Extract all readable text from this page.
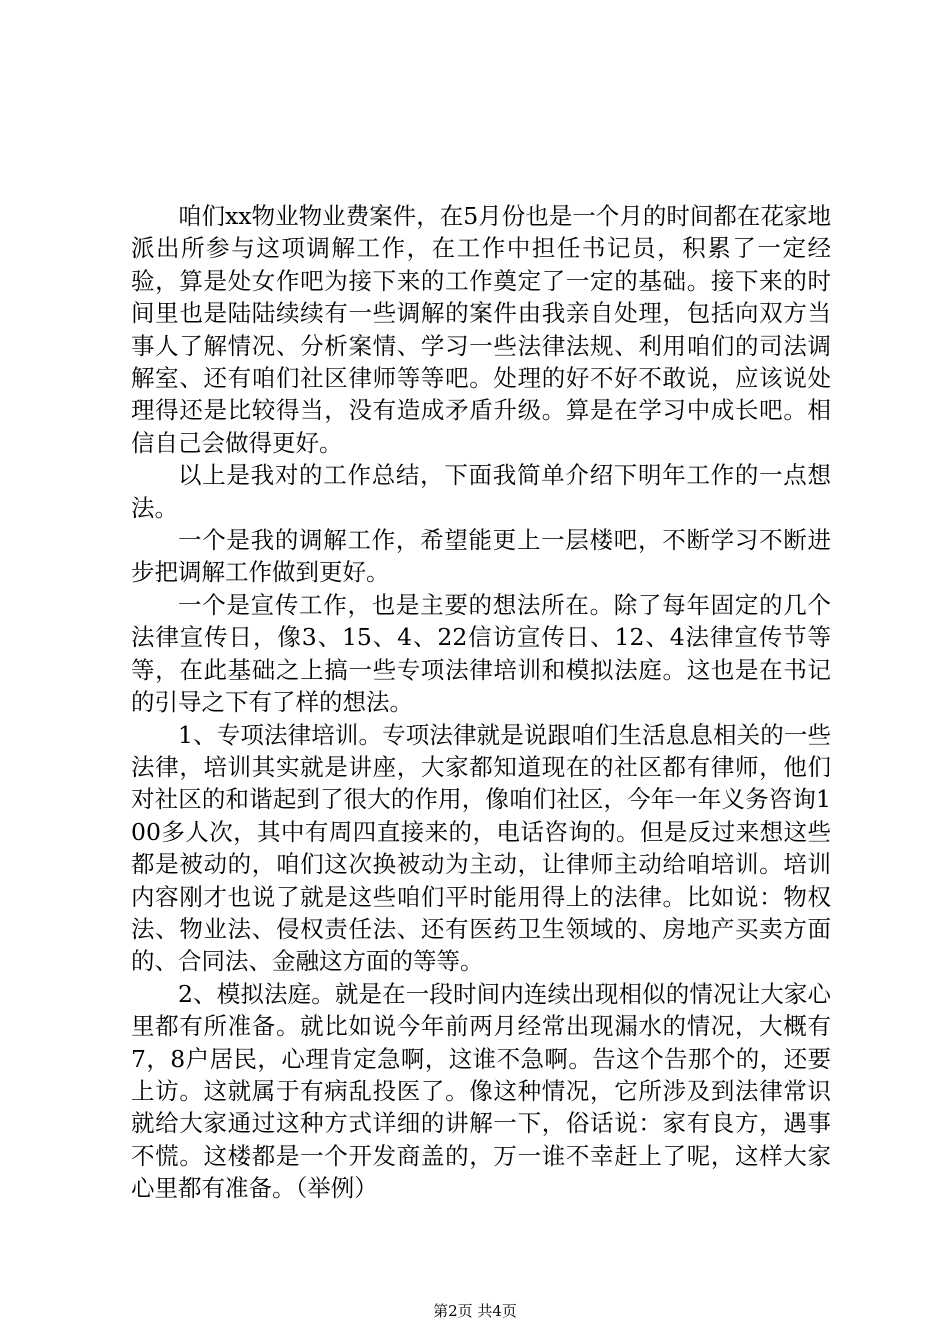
咱们xx物业物业费案件，在5月份也是一个月的时间都在花家地派出所参与这项调解工作，在工作中担任书记员，积累了一定经验，算是处女作吧为接下来的工作奠定了一定的基础。接下来的时间里也是陆陆续续有一些调解的案件由我亲自处理，包括向双方当事人了解情况、分析案情、学习一些法律法规、利用咱们的司法调解室、还有咱们社区律师等等吧。处理的好不好不敢说，应该说处理得还是比较得当，没有造成矛盾升级。算是在学习中成长吧。相信自己会做得更好。

以上是我对的工作总结，下面我简单介绍下明年工作的一点想法。

一个是我的调解工作，希望能更上一层楼吧，不断学习不断进步把调解工作做到更好。

一个是宣传工作，也是主要的想法所在。除了每年固定的几个法律宣传日，像3、15、4、22信访宣传日、12、4法律宣传节等等，在此基础之上搞一些专项法律培训和模拟法庭。这也是在书记的引导之下有了样的想法。

1、专项法律培训。专项法律就是说跟咱们生活息息相关的一些法律，培训其实就是讲座，大家都知道现在的社区都有律师，他们对社区的和谐起到了很大的作用，像咱们社区，今年一年义务咨询100多人次，其中有周四直接来的，电话咨询的。但是反过来想这些都是被动的，咱们这次换被动为主动，让律师主动给咱培训。培训内容刚才也说了就是这些咱们平时能用得上的法律。比如说：物权法、物业法、侵权责任法、还有医药卫生领域的、房地产买卖方面的、合同法、金融这方面的等等。

2、模拟法庭。就是在一段时间内连续出现相似的情况让大家心里都有所准备。就比如说今年前两月经常出现漏水的情况，大概有7，8户居民，心理肯定急啊，这谁不急啊。告这个告那个的，还要上访。这就属于有病乱投医了。像这种情况，它所涉及到法律常识就给大家通过这种方式详细的讲解一下，俗话说：家有良方，遇事不慌。这楼都是一个开发商盖的，万一谁不幸赶上了呢，这样大家心里都有准备。（举例）

第2页 共4页
